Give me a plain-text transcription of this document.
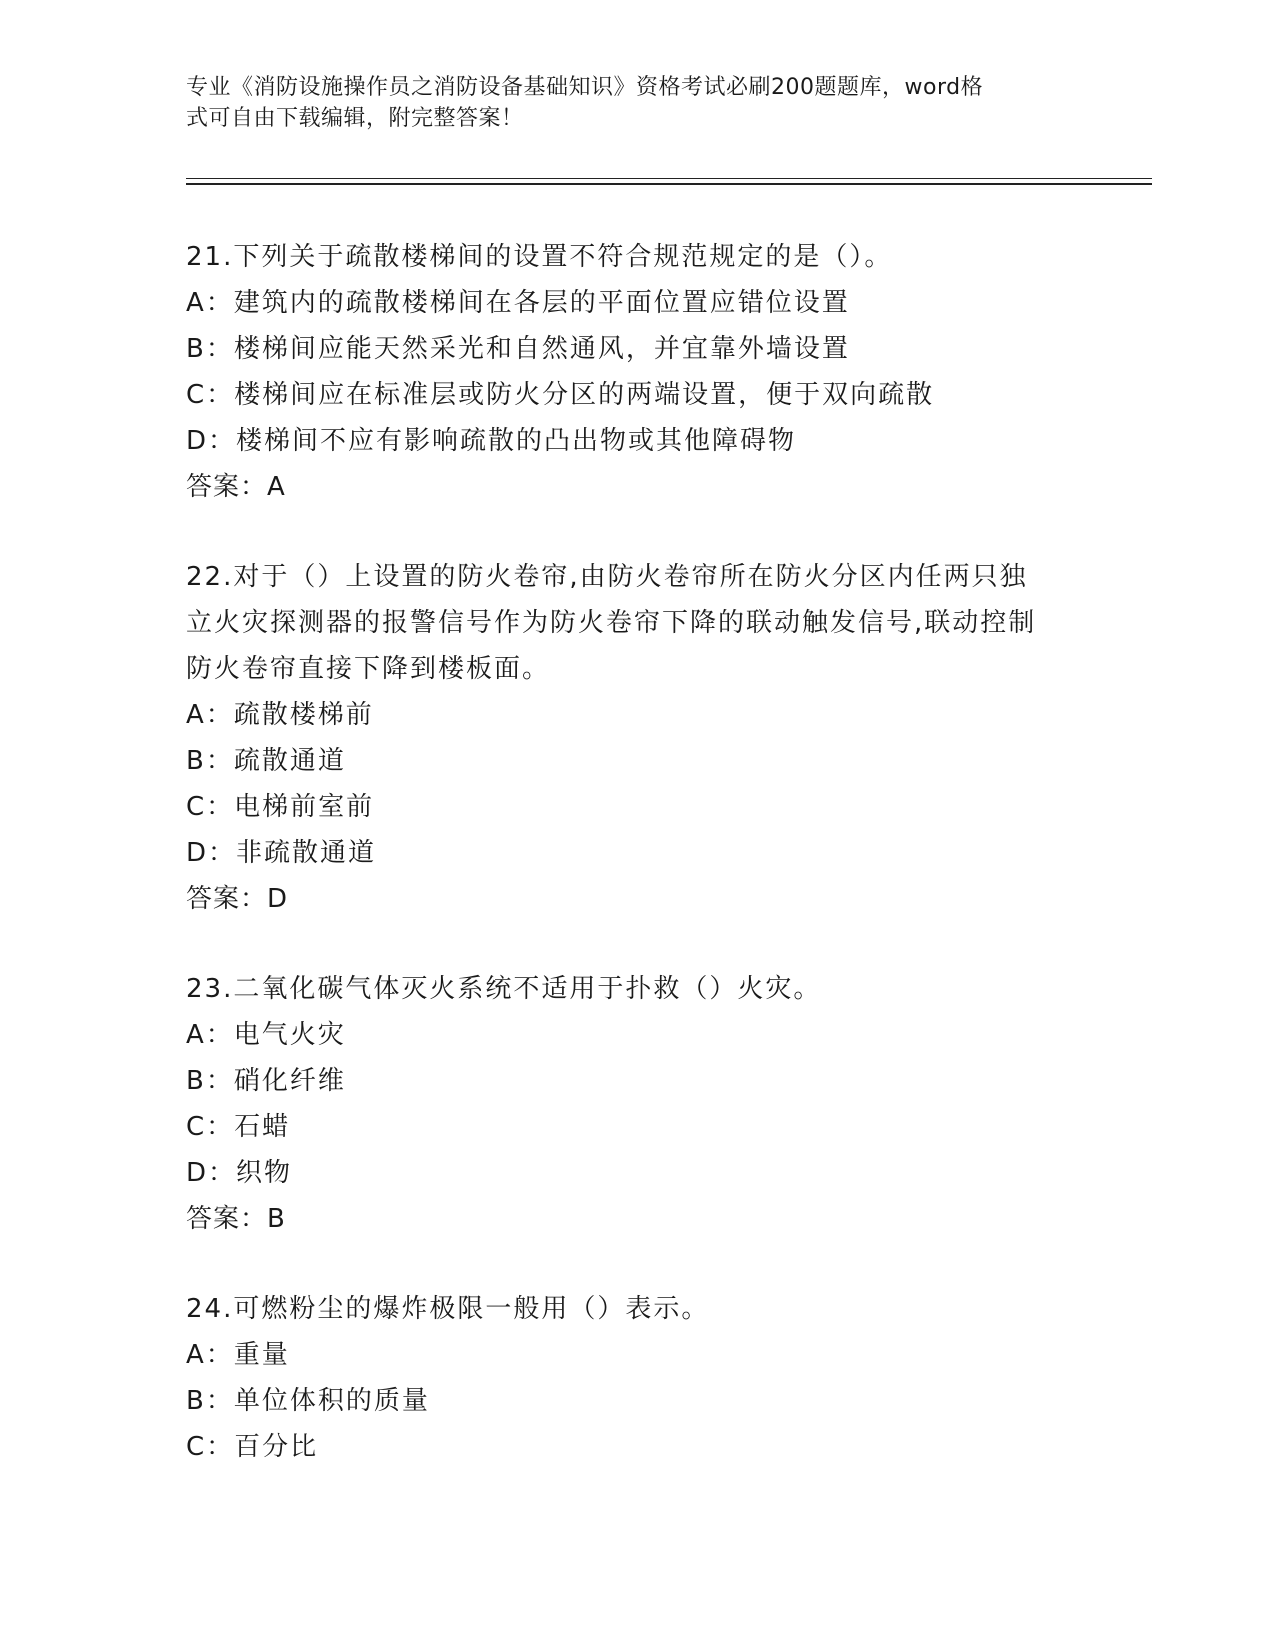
专业《消防设施操作员之消防设备基础知识》资格考试必刷200题题库，word格
式可自由下载编辑，附完整答案！
21.下列关于疏散楼梯间的设置不符合规范规定的是（）。
A：建筑内的疏散楼梯间在各层的平面位置应错位设置
B：楼梯间应能天然采光和自然通风，并宜靠外墙设置
C：楼梯间应在标准层或防火分区的两端设置，便于双向疏散
D：楼梯间不应有影响疏散的凸出物或其他障碍物
答案：A
22.对于（）上设置的防火卷帘,由防火卷帘所在防火分区内任两只独
立火灾探测器的报警信号作为防火卷帘下降的联动触发信号,联动控制
防火卷帘直接下降到楼板面。
A：疏散楼梯前
B：疏散通道
C：电梯前室前
D：非疏散通道
答案：D
23.二氧化碳气体灭火系统不适用于扑救（）火灾。
A：电气火灾
B：硝化纤维
C：石蜡
D：织物
答案：B
24.可燃粉尘的爆炸极限一般用（）表示。
A：重量
B：单位体积的质量
C：百分比
